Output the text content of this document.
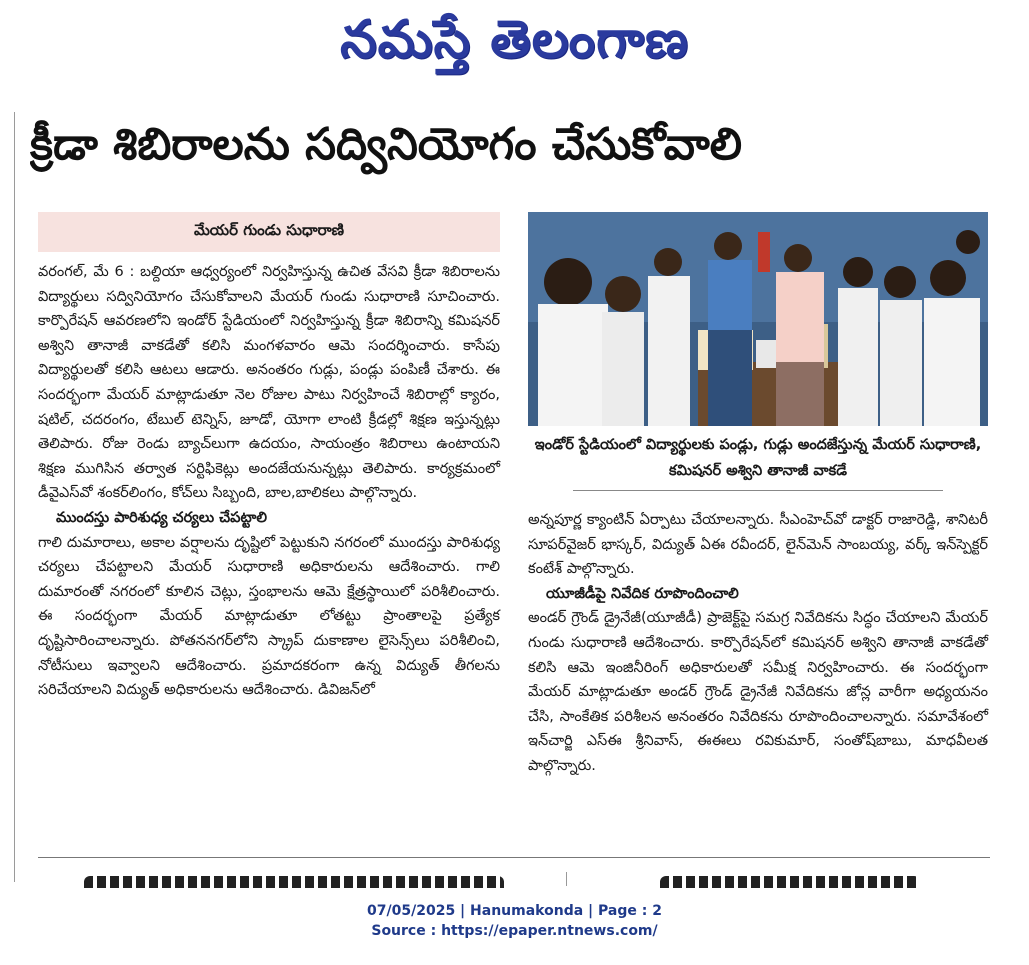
నమస్తే తెలంగాణ
క్రీడా శిబిరాలను సద్వినియోగం చేసుకోవాలి
మేయర్ గుండు సుధారాణి

వరంగల్, మే 6 : బల్దియా ఆధ్వర్యంలో నిర్వహిస్తున్న ఉచిత వేసవి క్రీడా శిబిరాలను విద్యార్థులు సద్వినియోగం చేసుకోవాలని మేయర్ గుండు సుధారాణి సూచించారు. కార్పొరేషన్ ఆవరణలోని ఇండోర్ స్టేడియంలో నిర్వహిస్తున్న క్రీడా శిబిరాన్ని కమిషనర్ అశ్విని తానాజీ వాకడేతో కలిసి మంగళవారం ఆమె సందర్శించారు. కాసేపు విద్యార్థులతో కలిసి ఆటలు ఆడారు. అనంతరం గుడ్లు, పండ్లు పంపిణీ చేశారు. ఈ సందర్భంగా మేయర్ మాట్లాడుతూ నెల రోజుల పాటు నిర్వహించే శిబిరాల్లో క్యారం, షటిల్, చదరంగం, టేబుల్ టెన్నిస్, జూడో, యోగా లాంటి క్రీడల్లో శిక్షణ ఇస్తున్నట్లు తెలిపారు. రోజు రెండు బ్యాచ్‌లుగా ఉదయం, సాయంత్రం శిబిరాలు ఉంటాయని శిక్షణ ముగిసిన తర్వాత సర్టిఫికెట్లు అందజేయనున్నట్లు తెలిపారు. కార్యక్రమంలో డీవైఎస్‌వో శంకర్‌లింగం, కోచ్‌లు సిబ్బంది, బాల,బాలికలు పాల్గొన్నారు.

ముందస్తు పారిశుధ్య చర్యలు చేపట్టాలి

గాలి దుమారాలు, అకాల వర్షాలను దృష్టిలో పెట్టుకుని నగరంలో ముందస్తు పారిశుధ్య చర్యలు చేపట్టాలని మేయర్ సుధారాణి అధికారులను ఆదేశించారు. గాలి దుమారంతో నగరంలో కూలిన చెట్లు, స్తంభాలను ఆమె క్షేత్రస్థాయిలో పరిశీలించారు. ఈ సందర్భంగా మేయర్ మాట్లాడుతూ లోతట్టు ప్రాంతాలపై ప్రత్యేక దృష్టిసారించాలన్నారు. పోతననగర్‌లోని స్క్రాప్ దుకాణాల లైసెన్స్‌లు పరిశీలించి, నోటీసులు ఇవ్వాలని ఆదేశించారు. ప్రమాదకరంగా ఉన్న విద్యుత్ తీగలను సరిచేయాలని విద్యుత్ అధికారులను ఆదేశించారు. డివిజన్‌లో

ఇండోర్ స్టేడియంలో విద్యార్థులకు పండ్లు, గుడ్లు అందజేస్తున్న మేయర్ సుధారాణి, కమిషనర్ అశ్విని తానాజీ వాకడే

అన్నపూర్ణ క్యాంటిన్ ఏర్పాటు చేయాలన్నారు. సీఎంహెచ్‌వో డాక్టర్ రాజారెడ్డి, శానిటరీ సూపర్‌వైజర్ భాస్కర్, విద్యుత్ ఏఈ రవీందర్, లైన్‌మెన్ సాంబయ్య, వర్క్ ఇన్‌స్పెక్టర్ కంటేశ్ పాల్గొన్నారు.

యూజీడీపై నివేదిక రూపొందించాలి

అండర్ గ్రౌండ్ డ్రైనేజీ(యూజీడీ) ప్రాజెక్ట్‌పై సమగ్ర నివేదికను సిద్ధం చేయాలని మేయర్ గుండు సుధారాణి ఆదేశించారు. కార్పొరేషన్‌లో కమిషనర్ అశ్విని తానాజీ వాకడేతో కలిసి ఆమె ఇంజినీరింగ్ అధికారులతో సమీక్ష నిర్వహించారు. ఈ సందర్భంగా మేయర్ మాట్లాడుతూ అండర్ గ్రౌండ్ డ్రైనేజీ నివేదికను జోన్ల వారీగా అధ్యయనం చేసి, సాంకేతిక పరిశీలన అనంతరం నివేదికను రూపొందించాలన్నారు. సమావేశంలో ఇన్‌చార్జి ఎస్‌ఈ శ్రీనివాస్, ఈఈలు రవికుమార్, సంతోష్‌బాబు, మాధవీలత పాల్గొన్నారు.

07/05/2025 | Hanumakonda | Page : 2
Source : https://epaper.ntnews.com/
